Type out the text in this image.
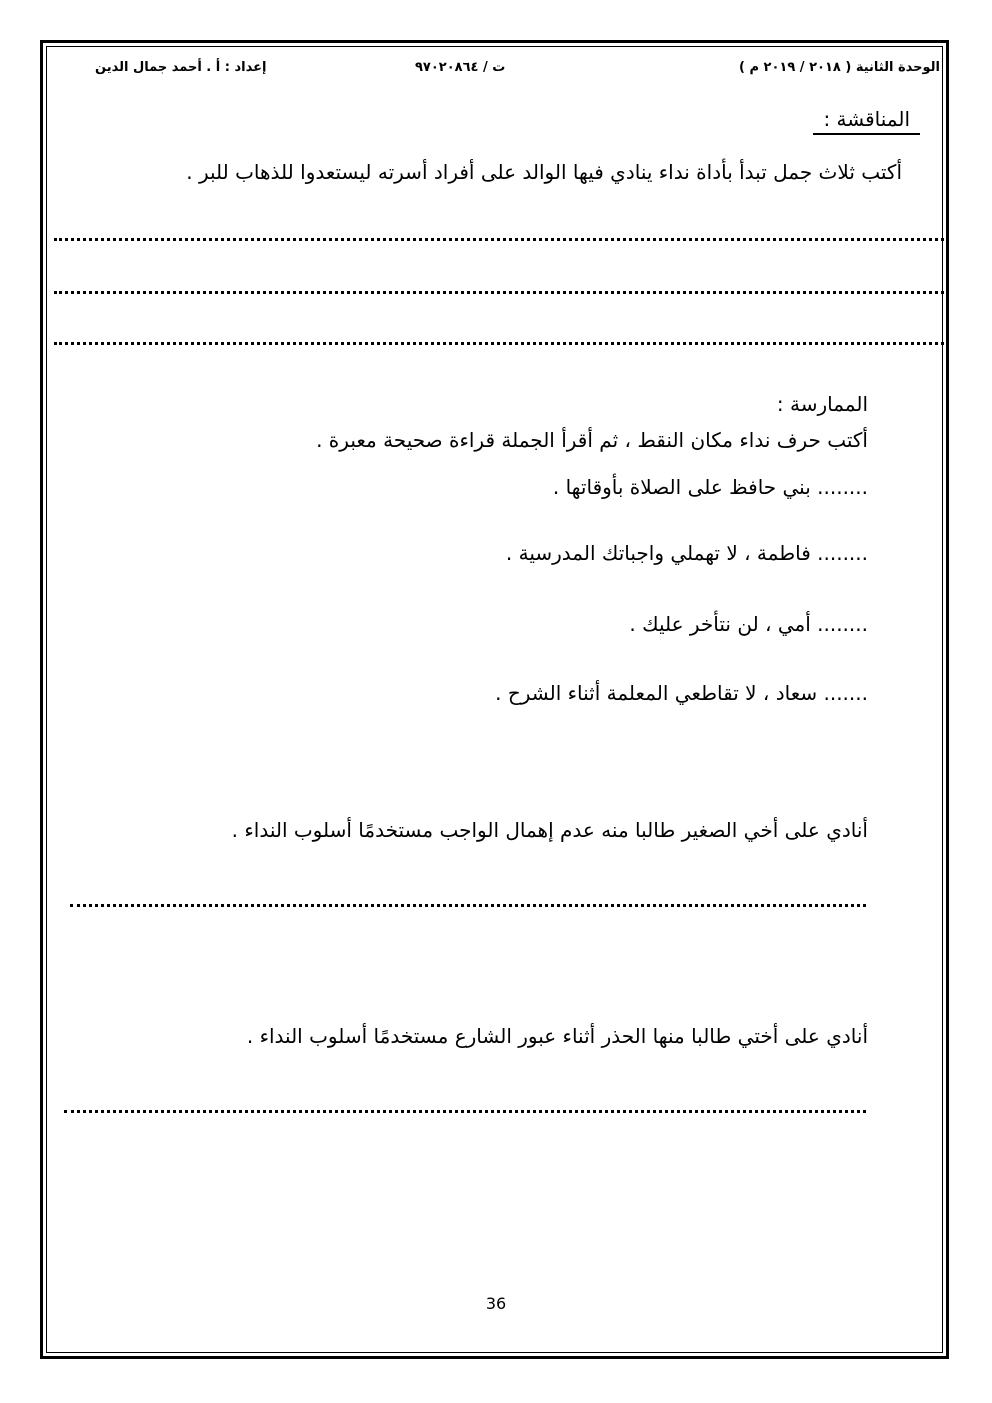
الوحدة الثانية ( ٢٠١٨ / ٢٠١٩ م )
ت / ٩٧٠٢٠٨٦٤
إعداد : أ . أحمد جمال الدين
المناقشة :
أكتب ثلاث جمل تبدأ بأداة نداء ينادي فيها الوالد على أفراد أسرته ليستعدوا للذهاب للبر .
الممارسة :
أكتب حرف نداء مكان النقط ، ثم أقرأ الجملة قراءة صحيحة معبرة .
........ بني حافظ على الصلاة بأوقاتها .
........ فاطمة ، لا تهملي واجباتك المدرسية .
........ أمي ، لن نتأخر عليك .
....... سعاد ، لا تقاطعي المعلمة أثناء الشرح .
أنادي على أخي الصغير طالبا منه عدم إهمال الواجب مستخدمًا أسلوب النداء .
أنادي على أختي طالبا منها الحذر أثناء عبور الشارع مستخدمًا أسلوب النداء .
36
